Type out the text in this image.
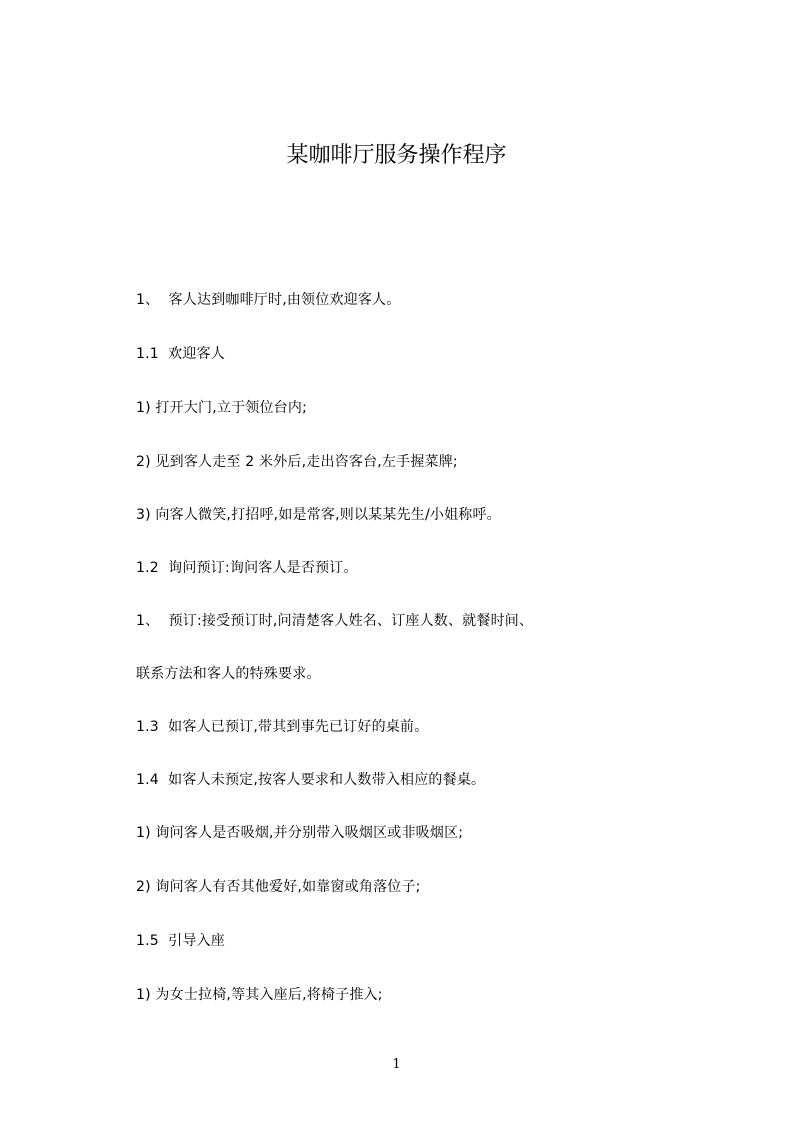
某咖啡厅服务操作程序
1、  客人达到咖啡厅时,由领位欢迎客人。
1.1  欢迎客人
1) 打开大门,立于领位台内;
2) 见到客人走至 2 米外后,走出咨客台,左手握菜牌;
3) 向客人微笑,打招呼,如是常客,则以某某先生/小姐称呼。
1.2  询问预订:询问客人是否预订。
1、  预订:接受预订时,问清楚客人姓名、订座人数、就餐时间、
联系方法和客人的特殊要求。
1.3  如客人已预订,带其到事先已订好的桌前。
1.4  如客人未预定,按客人要求和人数带入相应的餐桌。
1) 询问客人是否吸烟,并分别带入吸烟区或非吸烟区;
2) 询问客人有否其他爱好,如靠窗或角落位子;
1.5  引导入座
1) 为女士拉椅,等其入座后,将椅子推入;
1
